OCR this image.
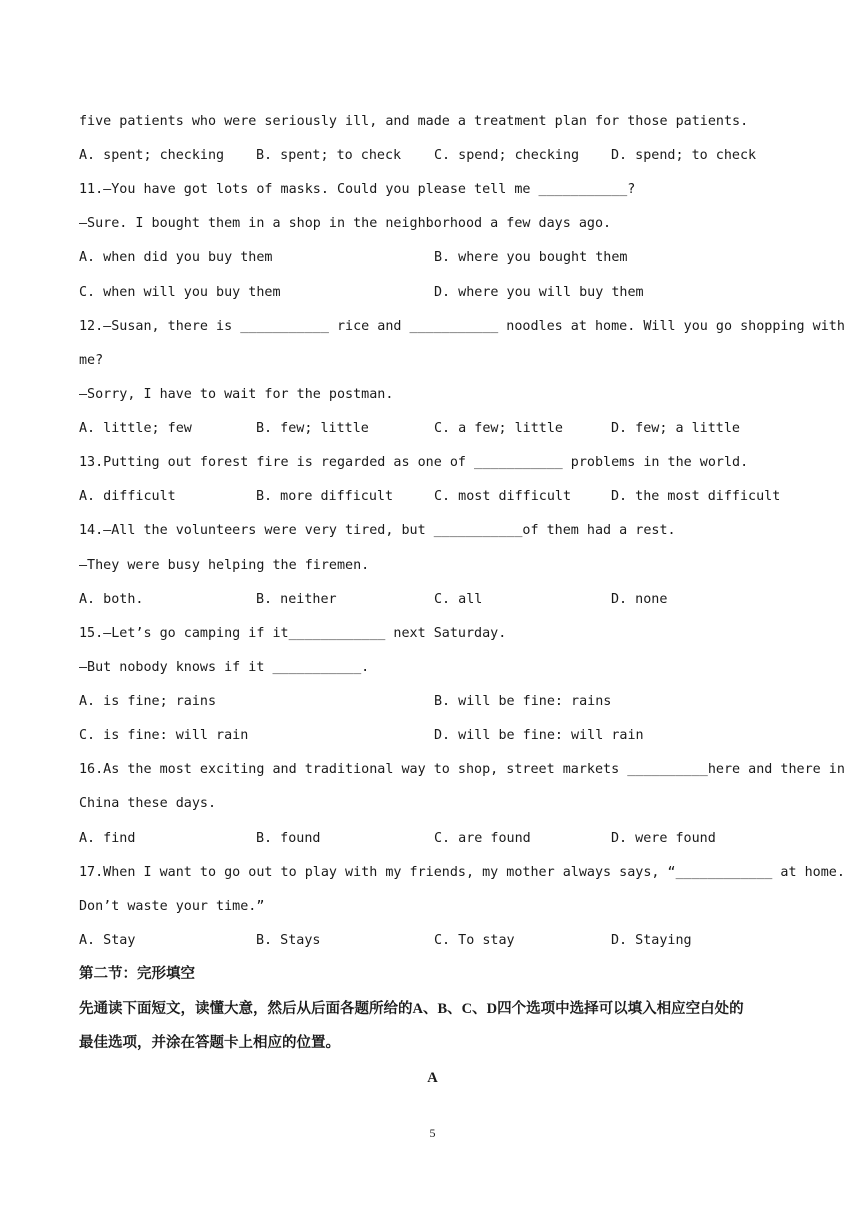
five patients who were seriously ill, and made a treatment plan for those patients.
A. spent; checking B. spent; to check C. spend; checking D. spend; to check
11.—You have got lots of masks. Could you please tell me ___________?
—Sure. I bought them in a shop in the neighborhood a few days ago.
A. when did you buy them	B. where you bought them
C. when will you buy them	D. where you will buy them
12.—Susan, there is ___________ rice and ___________ noodles at home. Will you go shopping with
me?
—Sorry, I have to wait for the postman.
A. little; few	B. few; little	C. a few; little	D. few; a little
13.Putting out forest fire is regarded as one of ___________ problems in the world.
A. difficult	B. more difficult	C. most difficult	D. the most difficult
14.—All the volunteers were very tired, but ___________of them had a rest.
—They were busy helping the firemen.
A. both.	B. neither	C. all	D. none
15.—Let’s go camping if it____________ next Saturday.
—But nobody knows if it ___________.
A. is fine; rains	B. will be fine: rains
C. is fine: will rain	D. will be fine: will rain
16.As the most exciting and traditional way to shop, street markets __________here and there in
China these days.
A. find	B. found	C. are found	D. were found
17.When I want to go out to play with my friends, my mother always says, “____________ at home.
Don’t waste your time.”
A. Stay	B. Stays	C. To stay	D. Staying
第二节：完形填空
先通读下面短文，读懂大意，然后从后面各题所给的A、B、C、D四个选项中选择可以填入相应空白处的
最佳选项，并涂在答题卡上相应的位置。
A
5
